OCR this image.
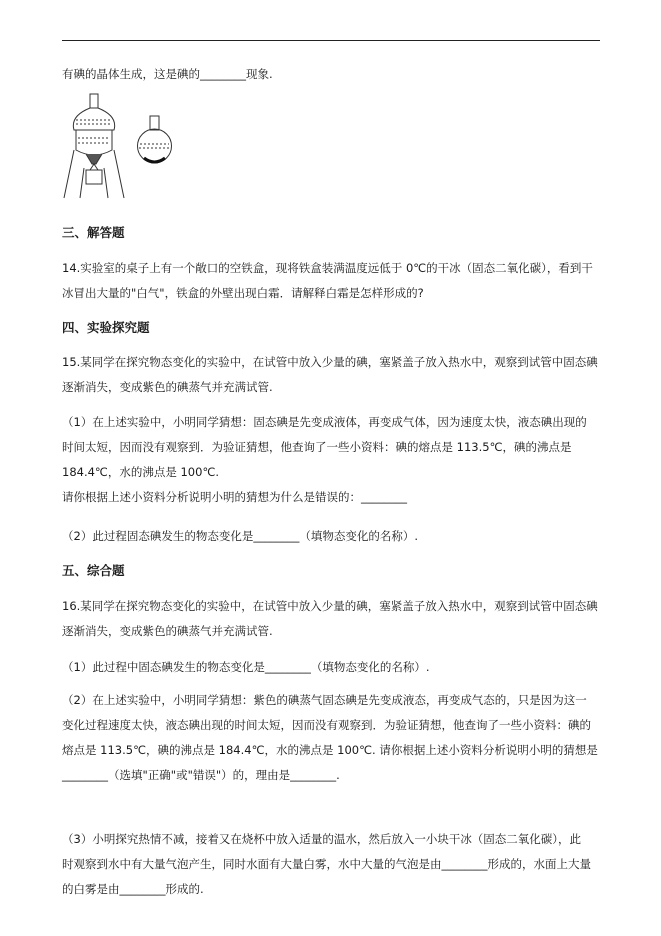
有碘的晶体生成，这是碘的________现象.

三、解答题

14.实验室的桌子上有一个敞口的空铁盒，现将铁盒装满温度远低于 0℃的干冰（固态二氧化碳），看到干

冰冒出大量的"白气"，铁盒的外壁出现白霜．请解释白霜是怎样形成的?

四、实验探究题

15.某同学在探究物态变化的实验中，在试管中放入少量的碘，塞紧盖子放入热水中，观察到试管中固态碘

逐渐消失，变成紫色的碘蒸气并充满试管.

（1）在上述实验中，小明同学猜想：固态碘是先变成液体，再变成气体，因为速度太快，液态碘出现的

时间太短，因而没有观察到．为验证猜想，他查询了一些小资料：碘的熔点是 113.5℃，碘的沸点是

184.4℃，水的沸点是 100℃.

请你根据上述小资料分析说明小明的猜想为什么是错误的：________

（2）此过程固态碘发生的物态变化是________（填物态变化的名称）.

五、综合题

16.某同学在探究物态变化的实验中，在试管中放入少量的碘，塞紧盖子放入热水中，观察到试管中固态碘

逐渐消失，变成紫色的碘蒸气并充满试管.

（1）此过程中固态碘发生的物态变化是________（填物态变化的名称）.

（2）在上述实验中，小明同学猜想：紫色的碘蒸气固态碘是先变成液态，再变成气态的，只是因为这一

变化过程速度太快，液态碘出现的时间太短，因而没有观察到．为验证猜想，他查询了一些小资料：碘的

熔点是 113.5℃，碘的沸点是 184.4℃，水的沸点是 100℃. 请你根据上述小资料分析说明小明的猜想是

________（选填"正确"或"错误"）的，理由是________.

（3）小明探究热情不减，接着又在烧杯中放入适量的温水，然后放入一小块干冰（固态二氧化碳），此

时观察到水中有大量气泡产生，同时水面有大量白雾，水中大量的气泡是由________形成的，水面上大量

的白雾是由________形成的.
